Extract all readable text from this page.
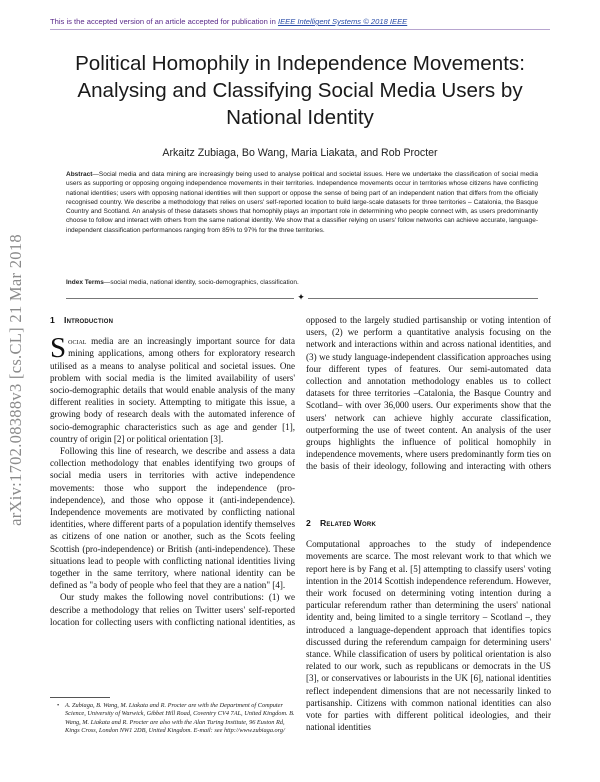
This is the accepted version of an article accepted for publication in IEEE Intelligent Systems © 2018 IEEE
arXiv:1702.08388v3 [cs.CL] 21 Mar 2018
Political Homophily in Independence Movements: Analysing and Classifying Social Media Users by National Identity
Arkaitz Zubiaga, Bo Wang, Maria Liakata, and Rob Procter
Abstract—Social media and data mining are increasingly being used to analyse political and societal issues. Here we undertake the classification of social media users as supporting or opposing ongoing independence movements in their territories. Independence movements occur in territories whose citizens have conflicting national identities; users with opposing national identities will then support or oppose the sense of being part of an independent nation that differs from the officially recognised country. We describe a methodology that relies on users' self-reported location to build large-scale datasets for three territories – Catalonia, the Basque Country and Scotland. An analysis of these datasets shows that homophily plays an important role in determining who people connect with, as users predominantly choose to follow and interact with others from the same national identity. We show that a classifier relying on users' follow networks can achieve accurate, language-independent classification performances ranging from 85% to 97% for the three territories.
Index Terms—social media, national identity, socio-demographics, classification.
✦
1 Introduction

Social media are an increasingly important source for data mining applications, among others for exploratory research utilised as a means to analyse political and societal issues. One problem with social media is the limited availability of users' socio-demographic details that would enable analysis of the many different realities in society. Attempting to mitigate this issue, a growing body of research deals with the automated inference of socio-demographic characteristics such as age and gender [1], country of origin [2] or political orientation [3].

Following this line of research, we describe and assess a data collection methodology that enables identifying two groups of social media users in territories with active independence movements: those who support the independence (pro-independence), and those who oppose it (anti-independence). Independence movements are motivated by conflicting national identities, where different parts of a population identify themselves as citizens of one nation or another, such as the Scots feeling Scottish (pro-independence) or British (anti-independence). These situations lead to people with conflicting national identities living together in the same territory, where national identity can be defined as "a body of people who feel that they are a nation" [4].

Our study makes the following novel contributions: (1) we describe a methodology that relies on Twitter users' self-reported location for collecting users with conflicting national identities, as

opposed to the largely studied partisanship or voting intention of users, (2) we perform a quantitative analysis focusing on the network and interactions within and across national identities, and (3) we study language-independent classification approaches using four different types of features. Our semi-automated data collection and annotation methodology enables us to collect datasets for three territories –Catalonia, the Basque Country and Scotland– with over 36,000 users. Our experiments show that the users' network can achieve highly accurate classification, outperforming the use of tweet content. An analysis of the user groups highlights the influence of political homophily in independence movements, where users predominantly form ties on the basis of their ideology, following and interacting with others

2 Related Work

Computational approaches to the study of independence movements are scarce. The most relevant work to that which we report here is by Fang et al. [5] attempting to classify users' voting intention in the 2014 Scottish independence referendum. However, their work focused on determining voting intention during a particular referendum rather than determining the users' national identity and, being limited to a single territory – Scotland –, they introduced a language-dependent approach that identifies topics discussed during the referendum campaign for determining users' stance. While classification of users by political orientation is also related to our work, such as republicans or democrats in the US [3], or conservatives or labourists in the UK [6], national identities reflect independent dimensions that are not necessarily linked to partisanship. Citizens with common national identities can also vote for parties with different political ideologies, and their national identities

• A. Zubiaga, B. Wang, M. Liakata and R. Procter are with the Department of Computer Science, University of Warwick, Gibbet Hill Road, Coventry CV4 7AL, United Kingdom. B. Wang, M. Liakata and R. Procter are also with the Alan Turing Institute, 96 Euston Rd, Kings Cross, London NW1 2DB, United Kingdom. E-mail: see http://www.zubiaga.org/
